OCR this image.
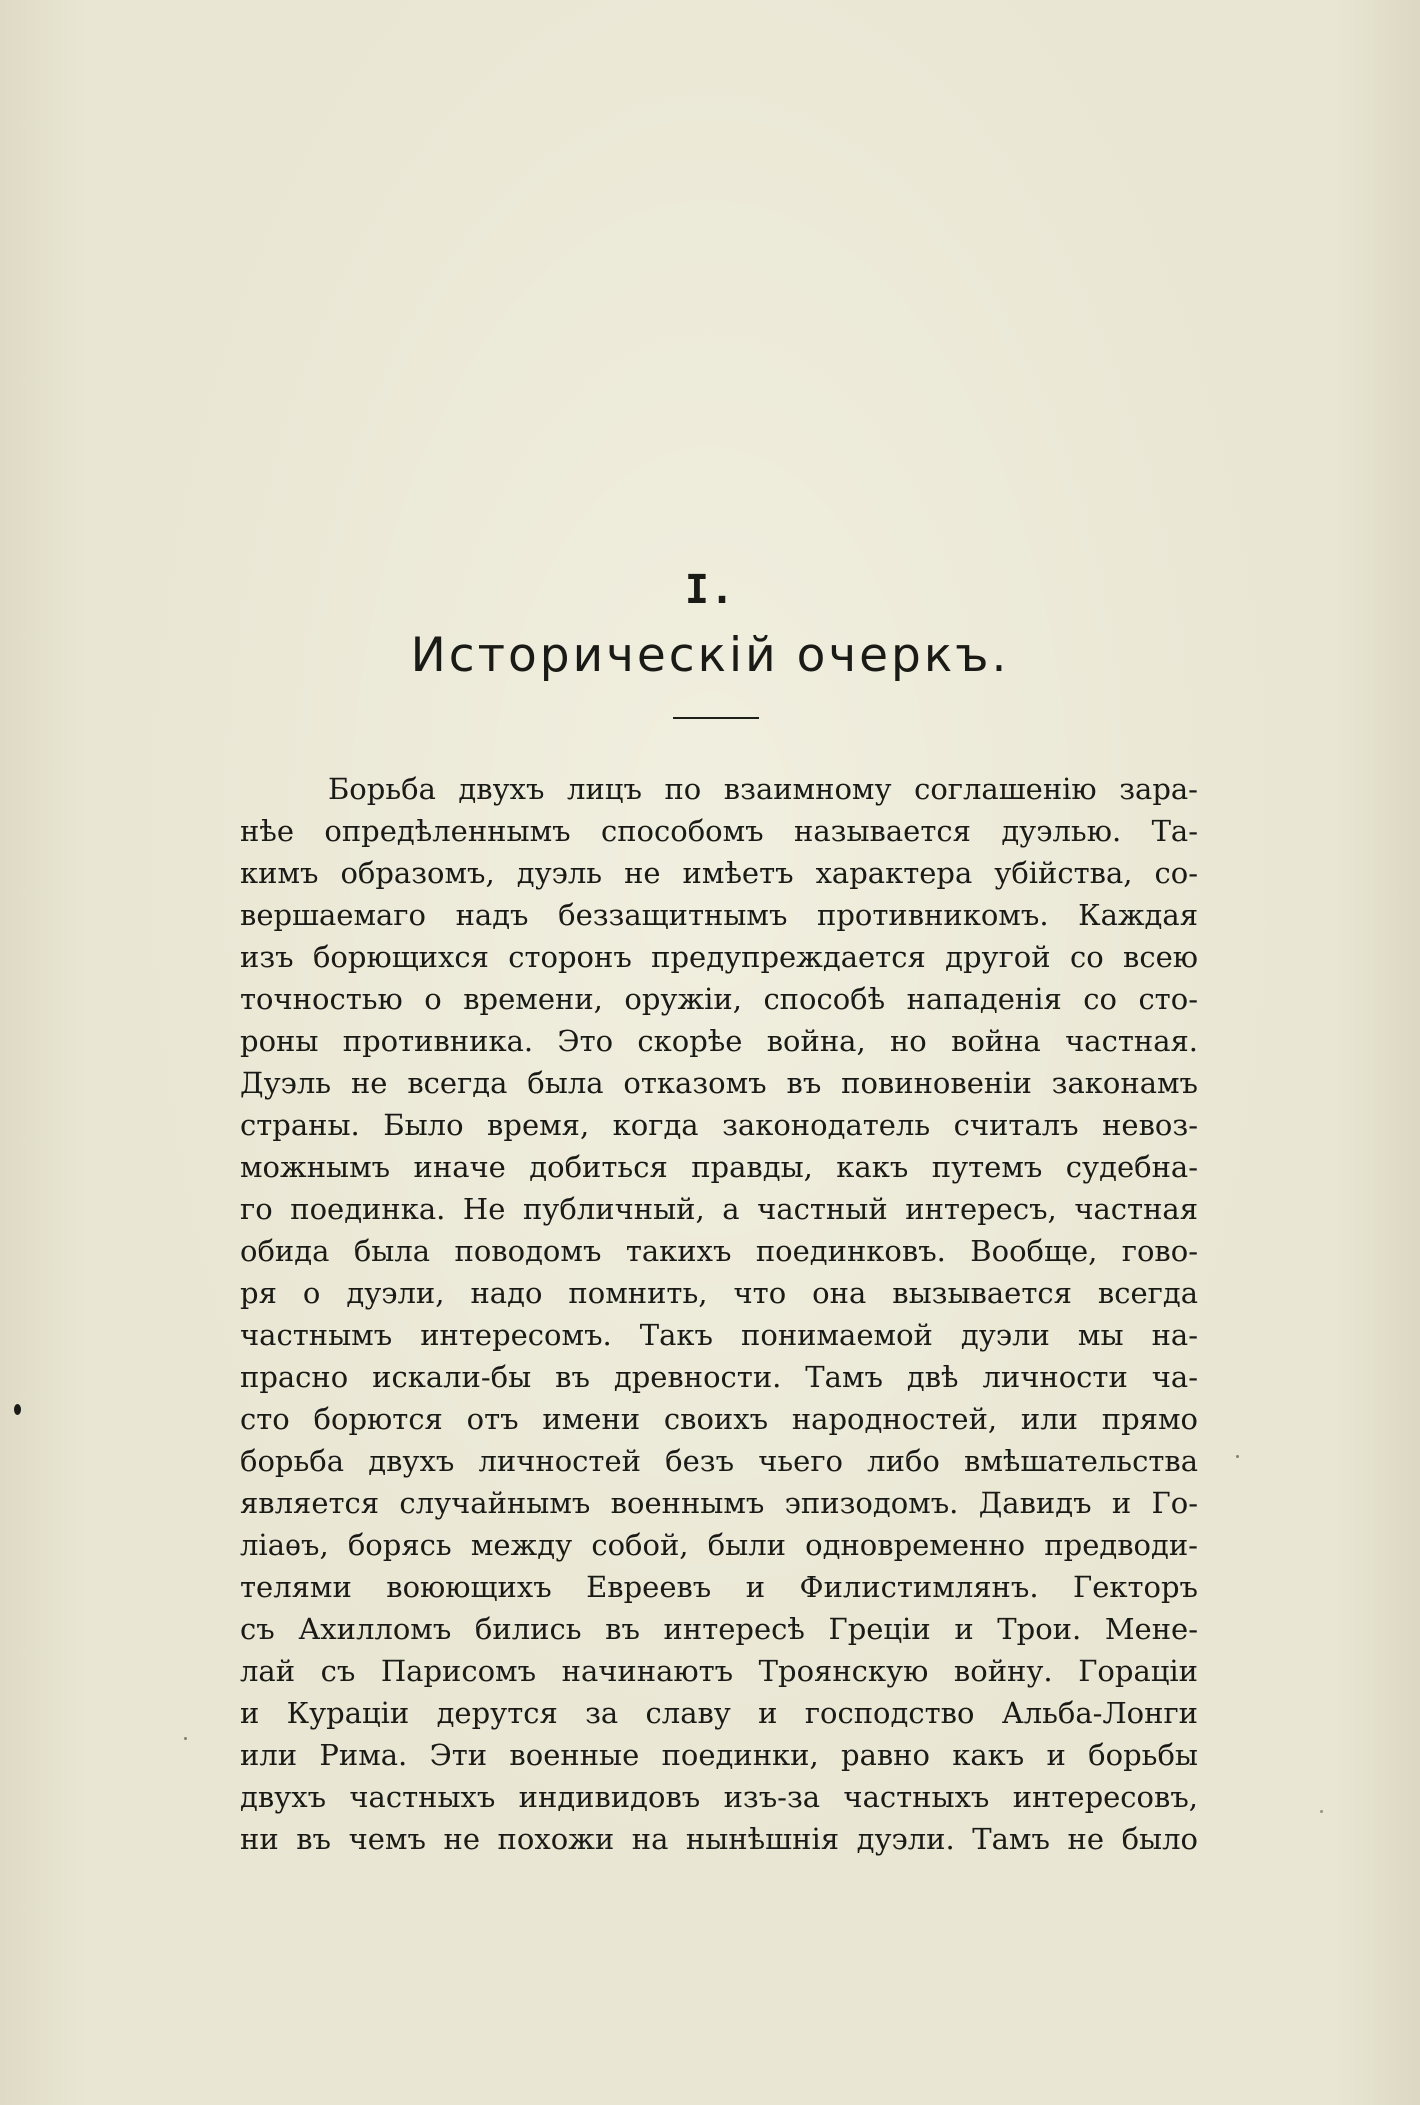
I.
Историческій очеркъ.
Борьба двухъ лицъ по взаимному соглашенію зара-
нѣе опредѣленнымъ способомъ называется дуэлью. Та-
кимъ образомъ, дуэль не имѣетъ характера убійства, со-
вершаемаго надъ беззащитнымъ противникомъ. Каждая
изъ борющихся сторонъ предупреждается другой со всею
точностью о времени, оружіи, способѣ нападенія со сто-
роны противника. Это скорѣе война, но война частная.
Дуэль не всегда была отказомъ въ повиновеніи законамъ
страны. Было время, когда законодатель считалъ невоз-
можнымъ иначе добиться правды, какъ путемъ судебна-
го поединка. Не публичный, а частный интересъ, частная
обида была поводомъ такихъ поединковъ. Вообще, гово-
ря о дуэли, надо помнить, что она вызывается всегда
частнымъ интересомъ. Такъ понимаемой дуэли мы на-
прасно искали-бы въ древности. Тамъ двѣ личности ча-
сто борются отъ имени своихъ народностей, или прямо
борьба двухъ личностей безъ чьего либо вмѣшательства
является случайнымъ военнымъ эпизодомъ. Давидъ и Го-
ліаѳъ, борясь между собой, были одновременно предводи-
телями воюющихъ Евреевъ и Филистимлянъ. Гекторъ
съ Ахилломъ бились въ интересѣ Греціи и Трои. Мене-
лай съ Парисомъ начинаютъ Троянскую войну. Гораціи
и Кураціи дерутся за славу и господство Альба-Лонги
или Рима. Эти военные поединки, равно какъ и борьбы
двухъ частныхъ индивидовъ изъ-за частныхъ интересовъ,
ни въ чемъ не похожи на нынѣшнія дуэли. Тамъ не было
